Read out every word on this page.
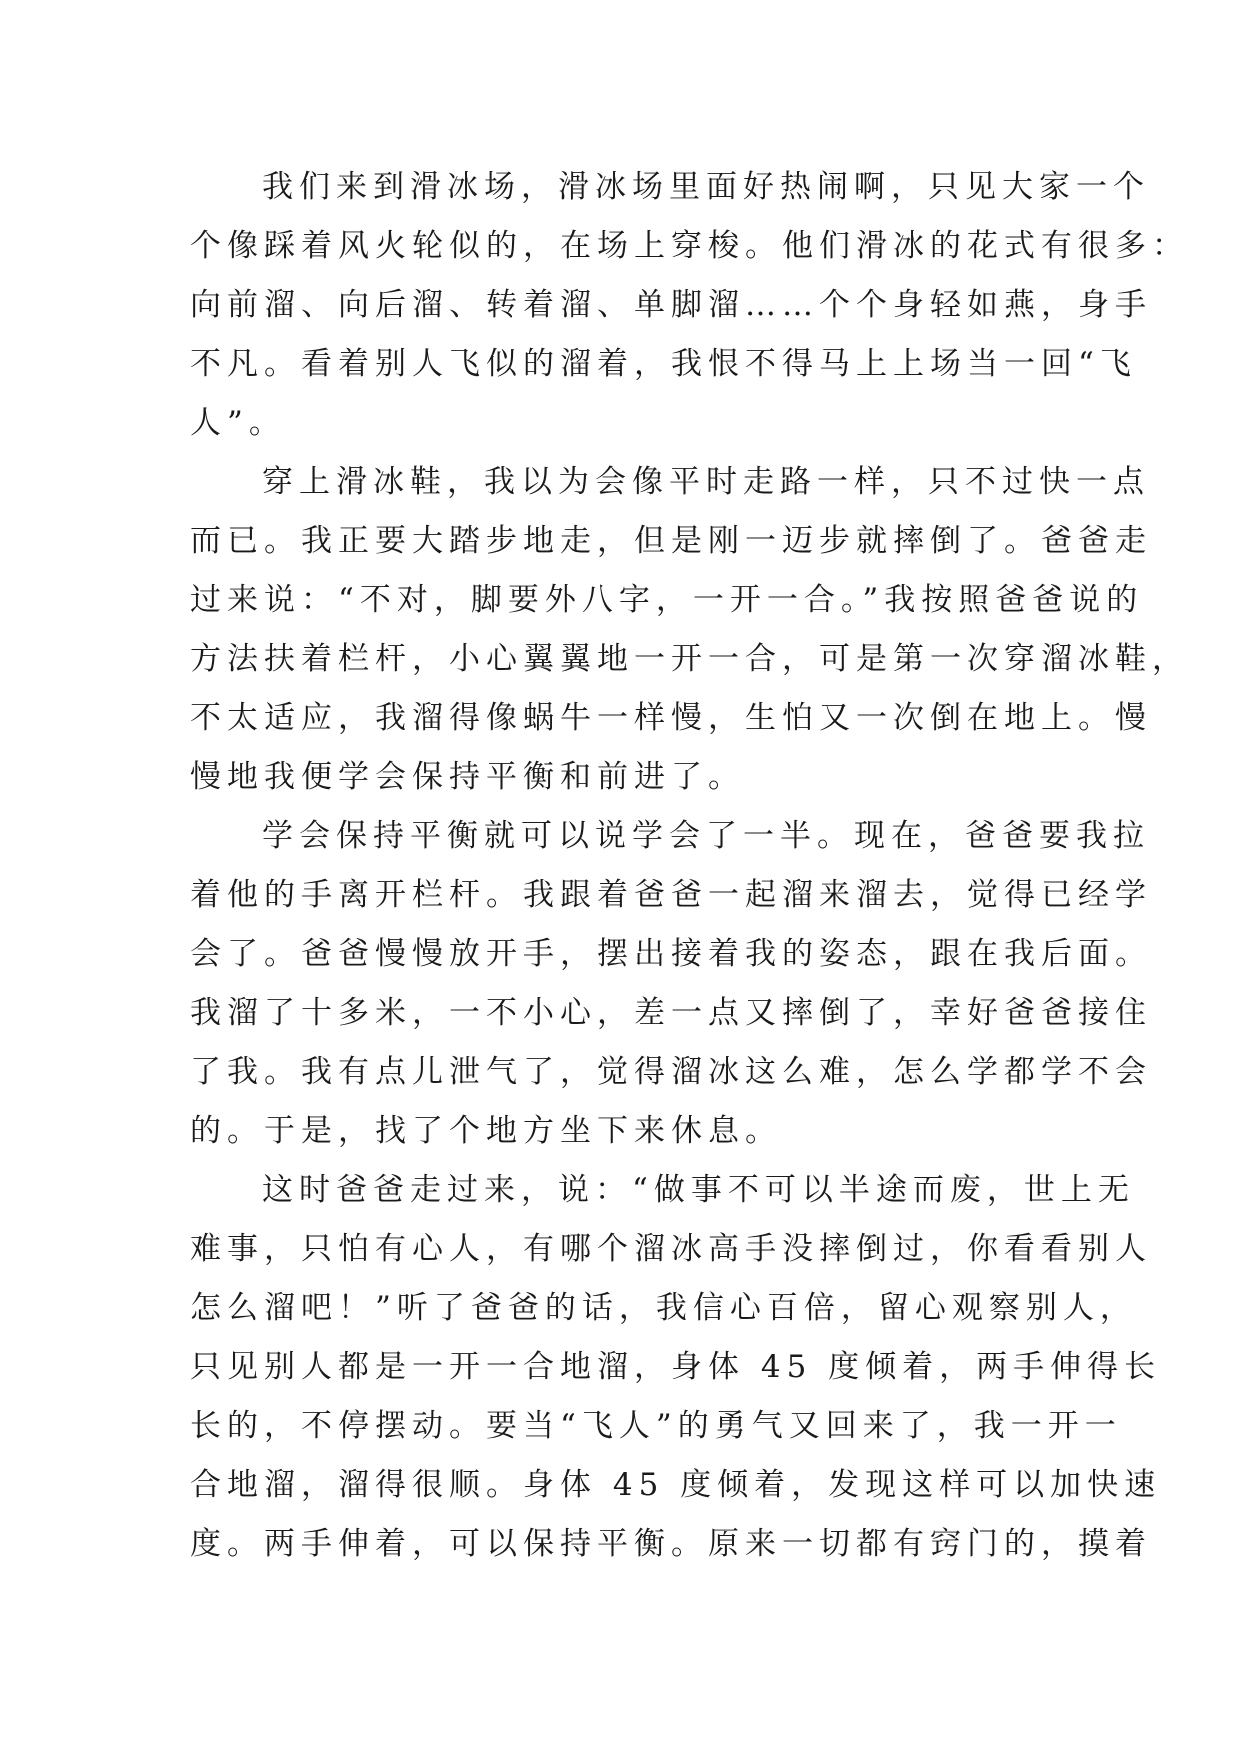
我们来到滑冰场，滑冰场里面好热闹啊，只见大家一个
个像踩着风火轮似的，在场上穿梭。他们滑冰的花式有很多：
向前溜、向后溜、转着溜、单脚溜……个个身轻如燕，身手
不凡。看着别人飞似的溜着，我恨不得马上上场当一回“飞
人”。

穿上滑冰鞋，我以为会像平时走路一样，只不过快一点
而已。我正要大踏步地走，但是刚一迈步就摔倒了。爸爸走
过来说：“不对，脚要外八字，一开一合。”我按照爸爸说的
方法扶着栏杆，小心翼翼地一开一合，可是第一次穿溜冰鞋，
不太适应，我溜得像蜗牛一样慢，生怕又一次倒在地上。慢
慢地我便学会保持平衡和前进了。

学会保持平衡就可以说学会了一半。现在，爸爸要我拉
着他的手离开栏杆。我跟着爸爸一起溜来溜去，觉得已经学
会了。爸爸慢慢放开手，摆出接着我的姿态，跟在我后面。
我溜了十多米，一不小心，差一点又摔倒了，幸好爸爸接住
了我。我有点儿泄气了，觉得溜冰这么难，怎么学都学不会
的。于是，找了个地方坐下来休息。

这时爸爸走过来，说：“做事不可以半途而废，世上无
难事，只怕有心人，有哪个溜冰高手没摔倒过，你看看别人
怎么溜吧！”听了爸爸的话，我信心百倍，留心观察别人，
只见别人都是一开一合地溜，身体 45 度倾着，两手伸得长
长的，不停摆动。要当“飞人”的勇气又回来了，我一开一
合地溜，溜得很顺。身体 45 度倾着，发现这样可以加快速
度。两手伸着，可以保持平衡。原来一切都有窍门的，摸着
